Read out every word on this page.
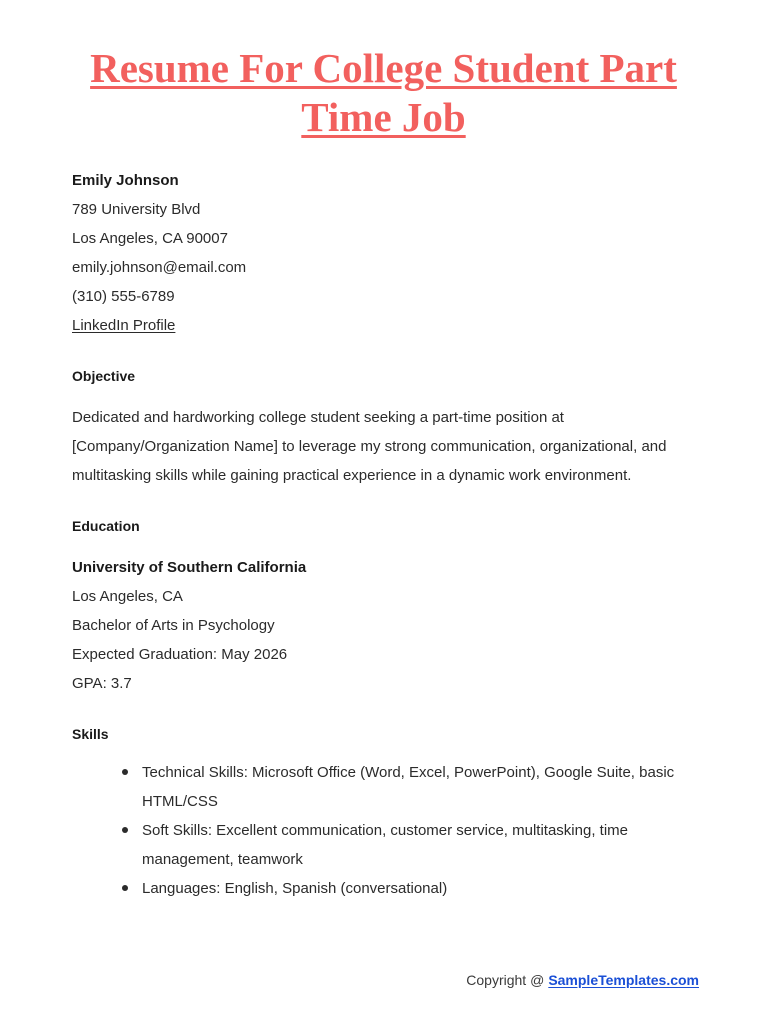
Resume For College Student Part Time Job
Emily Johnson
789 University Blvd
Los Angeles, CA 90007
emily.johnson@email.com
(310) 555-6789
LinkedIn Profile
Objective
Dedicated and hardworking college student seeking a part-time position at [Company/Organization Name] to leverage my strong communication, organizational, and multitasking skills while gaining practical experience in a dynamic work environment.
Education
University of Southern California
Los Angeles, CA
Bachelor of Arts in Psychology
Expected Graduation: May 2026
GPA: 3.7
Skills
Technical Skills: Microsoft Office (Word, Excel, PowerPoint), Google Suite, basic HTML/CSS
Soft Skills: Excellent communication, customer service, multitasking, time management, teamwork
Languages: English, Spanish (conversational)
Copyright @ SampleTemplates.com
